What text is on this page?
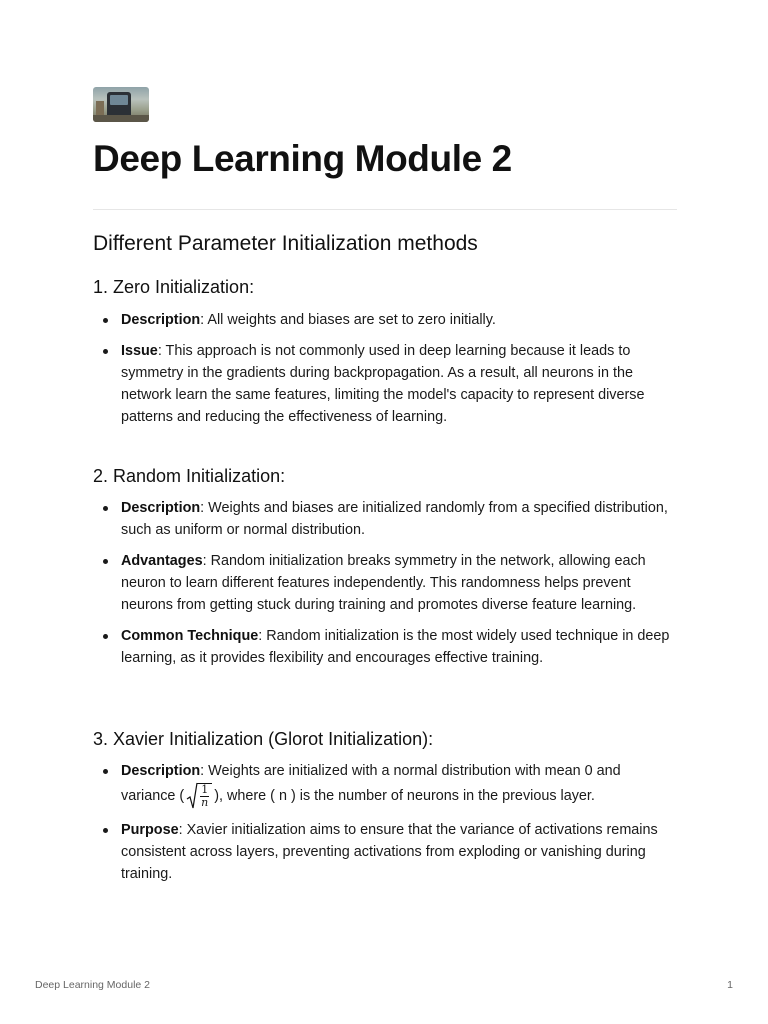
Deep Learning Module 2
Different Parameter Initialization methods
1. Zero Initialization:
Description: All weights and biases are set to zero initially.
Issue: This approach is not commonly used in deep learning because it leads to symmetry in the gradients during backpropagation. As a result, all neurons in the network learn the same features, limiting the model's capacity to represent diverse patterns and reducing the effectiveness of learning.
2. Random Initialization:
Description: Weights and biases are initialized randomly from a specified distribution, such as uniform or normal distribution.
Advantages: Random initialization breaks symmetry in the network, allowing each neuron to learn different features independently. This randomness helps prevent neurons from getting stuck during training and promotes diverse feature learning.
Common Technique: Random initialization is the most widely used technique in deep learning, as it provides flexibility and encourages effective training.
3. Xavier Initialization (Glorot Initialization):
Description: Weights are initialized with a normal distribution with mean 0 and variance ( $\frac{1}{n}$ ), where ( n ) is the number of neurons in the previous layer.
Purpose: Xavier initialization aims to ensure that the variance of activations remains consistent across layers, preventing activations from exploding or vanishing during training.
Deep Learning Module 2	1
